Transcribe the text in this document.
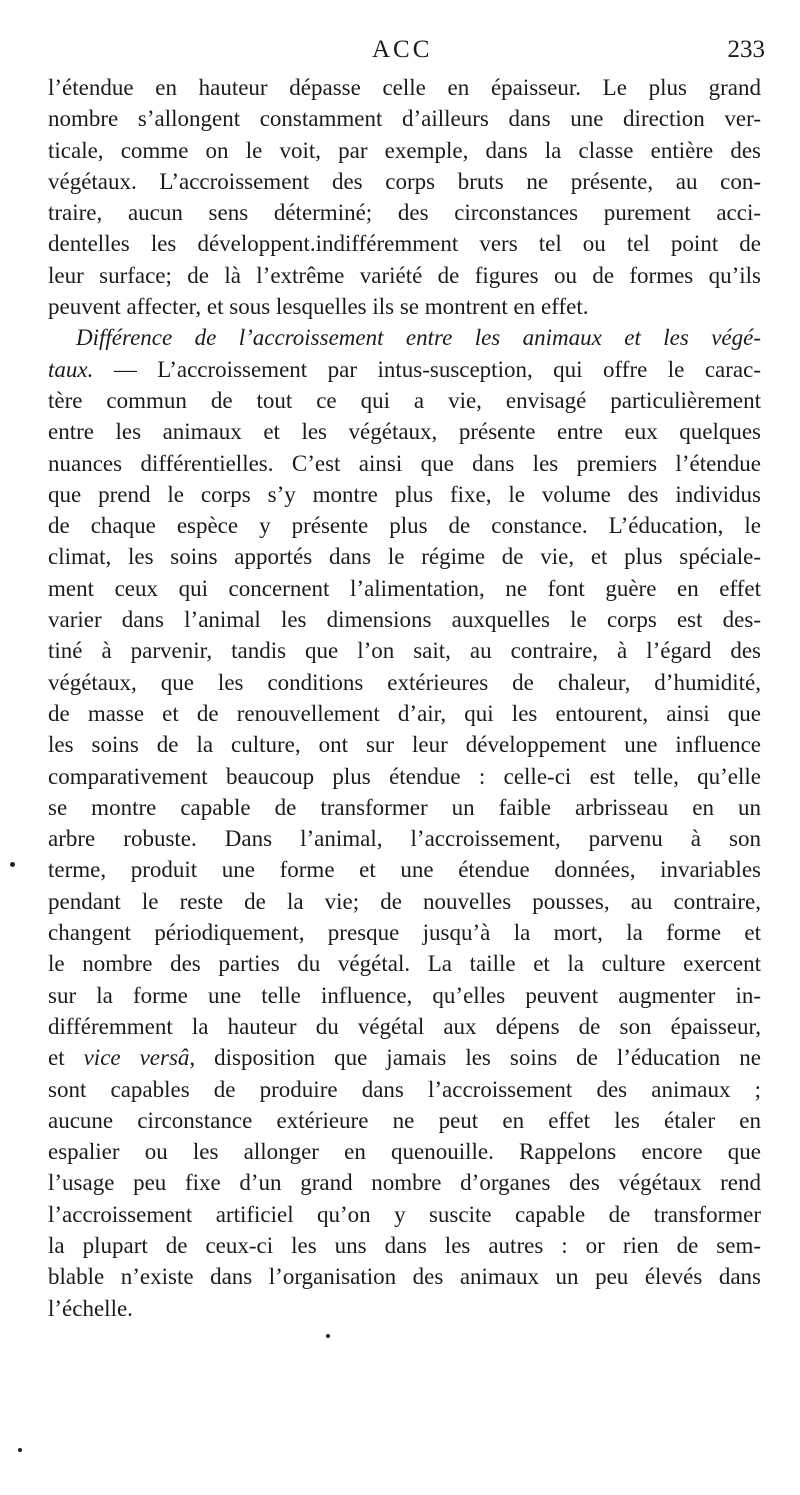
ACC	233
l’étendue en hauteur dépasse celle en épaisseur. Le plus grand
nombre s’allongent constamment d’ailleurs dans une direction ver-
ticale, comme on le voit, par exemple, dans la classe entière des
végétaux. L’accroissement des corps bruts ne présente, au con-
traire, aucun sens déterminé; des circonstances purement acci-
dentelles les développent.indifféremment vers tel ou tel point de
leur surface; de là l’extrême variété de figures ou de formes qu’ils
peuvent affecter, et sous lesquelles ils se montrent en effet.
Différence de l’accroissement entre les animaux et les végé-
taux. — L’accroissement par intus-susception, qui offre le carac-
tère commun de tout ce qui a vie, envisagé particulièrement
entre les animaux et les végétaux, présente entre eux quelques
nuances différentielles. C’est ainsi que dans les premiers l’étendue
que prend le corps s’y montre plus fixe, le volume des individus
de chaque espèce y présente plus de constance. L’éducation, le
climat, les soins apportés dans le régime de vie, et plus spéciale-
ment ceux qui concernent l’alimentation, ne font guère en effet
varier dans l’animal les dimensions auxquelles le corps est des-
tiné à parvenir, tandis que l’on sait, au contraire, à l’égard des
végétaux, que les conditions extérieures de chaleur, d’humidité,
de masse et de renouvellement d’air, qui les entourent, ainsi que
les soins de la culture, ont sur leur développement une influence
comparativement beaucoup plus étendue : celle-ci est telle, qu’elle
se montre capable de transformer un faible arbrisseau en un
arbre robuste. Dans l’animal, l’accroissement, parvenu à son
terme, produit une forme et une étendue données, invariables
pendant le reste de la vie; de nouvelles pousses, au contraire,
changent périodiquement, presque jusqu’à la mort, la forme et
le nombre des parties du végétal. La taille et la culture exercent
sur la forme une telle influence, qu’elles peuvent augmenter in-
différemment la hauteur du végétal aux dépens de son épaisseur,
et vice versâ, disposition que jamais les soins de l’éducation ne
sont capables de produire dans l’accroissement des animaux ;
aucune circonstance extérieure ne peut en effet les étaler en
espalier ou les allonger en quenouille. Rappelons encore que
l’usage peu fixe d’un grand nombre d’organes des végétaux rend
l’accroissement artificiel qu’on y suscite capable de transformer
la plupart de ceux-ci les uns dans les autres : or rien de sem-
blable n’existe dans l’organisation des animaux un peu élevés dans
l’échelle.
